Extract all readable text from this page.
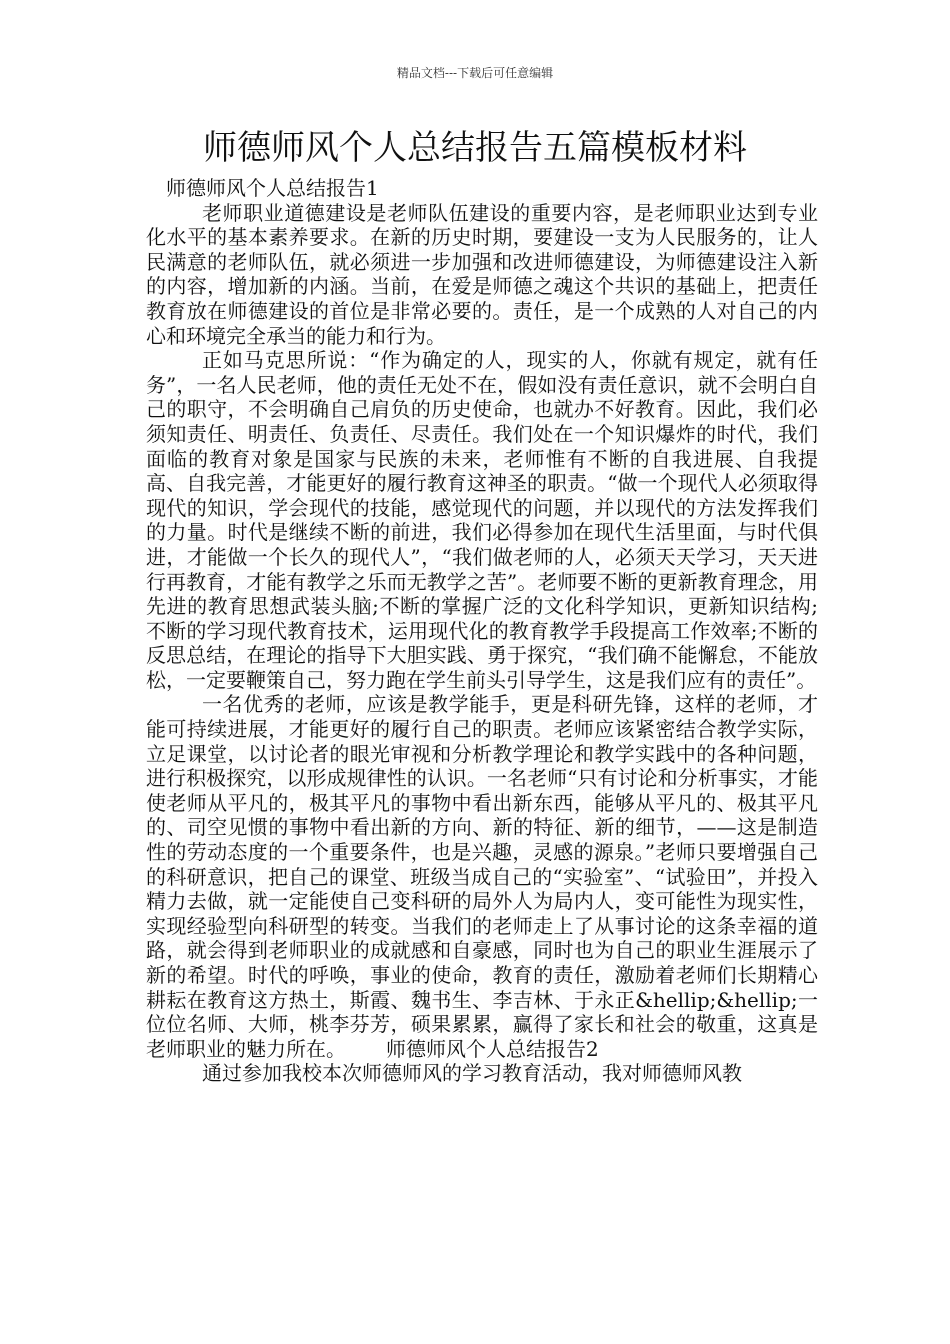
精品文档---下载后可任意编辑
师德师风个人总结报告五篇模板材料

师德师风个人总结报告1

老师职业道德建设是老师队伍建设的重要内容，是老师职业达到专业化水平的基本素养要求。在新的历史时期，要建设一支为人民服务的，让人民满意的老师队伍，就必须进一步加强和改进师德建设，为师德建设注入新的内容，增加新的内涵。当前，在爱是师德之魂这个共识的基础上，把责任教育放在师德建设的首位是非常必要的。责任，是一个成熟的人对自己的内心和环境完全承当的能力和行为。

正如马克思所说：“作为确定的人，现实的人，你就有规定，就有任务”，一名人民老师，他的责任无处不在，假如没有责任意识，就不会明白自己的职守，不会明确自己肩负的历史使命，也就办不好教育。因此，我们必须知责任、明责任、负责任、尽责任。我们处在一个知识爆炸的时代，我们面临的教育对象是国家与民族的未来，老师惟有不断的自我进展、自我提高、自我完善，才能更好的履行教育这神圣的职责。“做一个现代人必须取得现代的知识，学会现代的技能，感觉现代的问题，并以现代的方法发挥我们的力量。时代是继续不断的前进，我们必得参加在现代生活里面，与时代俱进，才能做一个长久的现代人”，“我们做老师的人，必须天天学习，天天进行再教育，才能有教学之乐而无教学之苦”。老师要不断的更新教育理念，用先进的教育思想武装头脑;不断的掌握广泛的文化科学知识，更新知识结构;不断的学习现代教育技术，运用现代化的教育教学手段提高工作效率;不断的反思总结，在理论的指导下大胆实践、勇于探究，“我们确不能懈怠，不能放松，一定要鞭策自己，努力跑在学生前头引导学生，这是我们应有的责任”。

一名优秀的老师，应该是教学能手，更是科研先锋，这样的老师，才能可持续进展，才能更好的履行自己的职责。老师应该紧密结合教学实际，立足课堂，以讨论者的眼光审视和分析教学理论和教学实践中的各种问题，进行积极探究，以形成规律性的认识。一名老师“只有讨论和分析事实，才能使老师从平凡的，极其平凡的事物中看出新东西，能够从平凡的、极其平凡的、司空见惯的事物中看出新的方向、新的特征、新的细节，——这是制造性的劳动态度的一个重要条件，也是兴趣，灵感的源泉。”老师只要增强自己的科研意识，把自己的课堂、班级当成自己的“实验室”、“试验田”，并投入精力去做，就一定能使自己变科研的局外人为局内人，变可能性为现实性，实现经验型向科研型的转变。当我们的老师走上了从事讨论的这条幸福的道路，就会得到老师职业的成就感和自豪感，同时也为自己的职业生涯展示了新的希望。时代的呼唤，事业的使命，教育的责任，激励着老师们长期精心耕耘在教育这方热土，斯霞、魏书生、李吉林、于永正&hellip;&hellip;一位位名师、大师，桃李芬芳，硕果累累，赢得了家长和社会的敬重，这真是老师职业的魅力所在。 师德师风个人总结报告2

通过参加我校本次师德师风的学习教育活动，我对师德师风教
